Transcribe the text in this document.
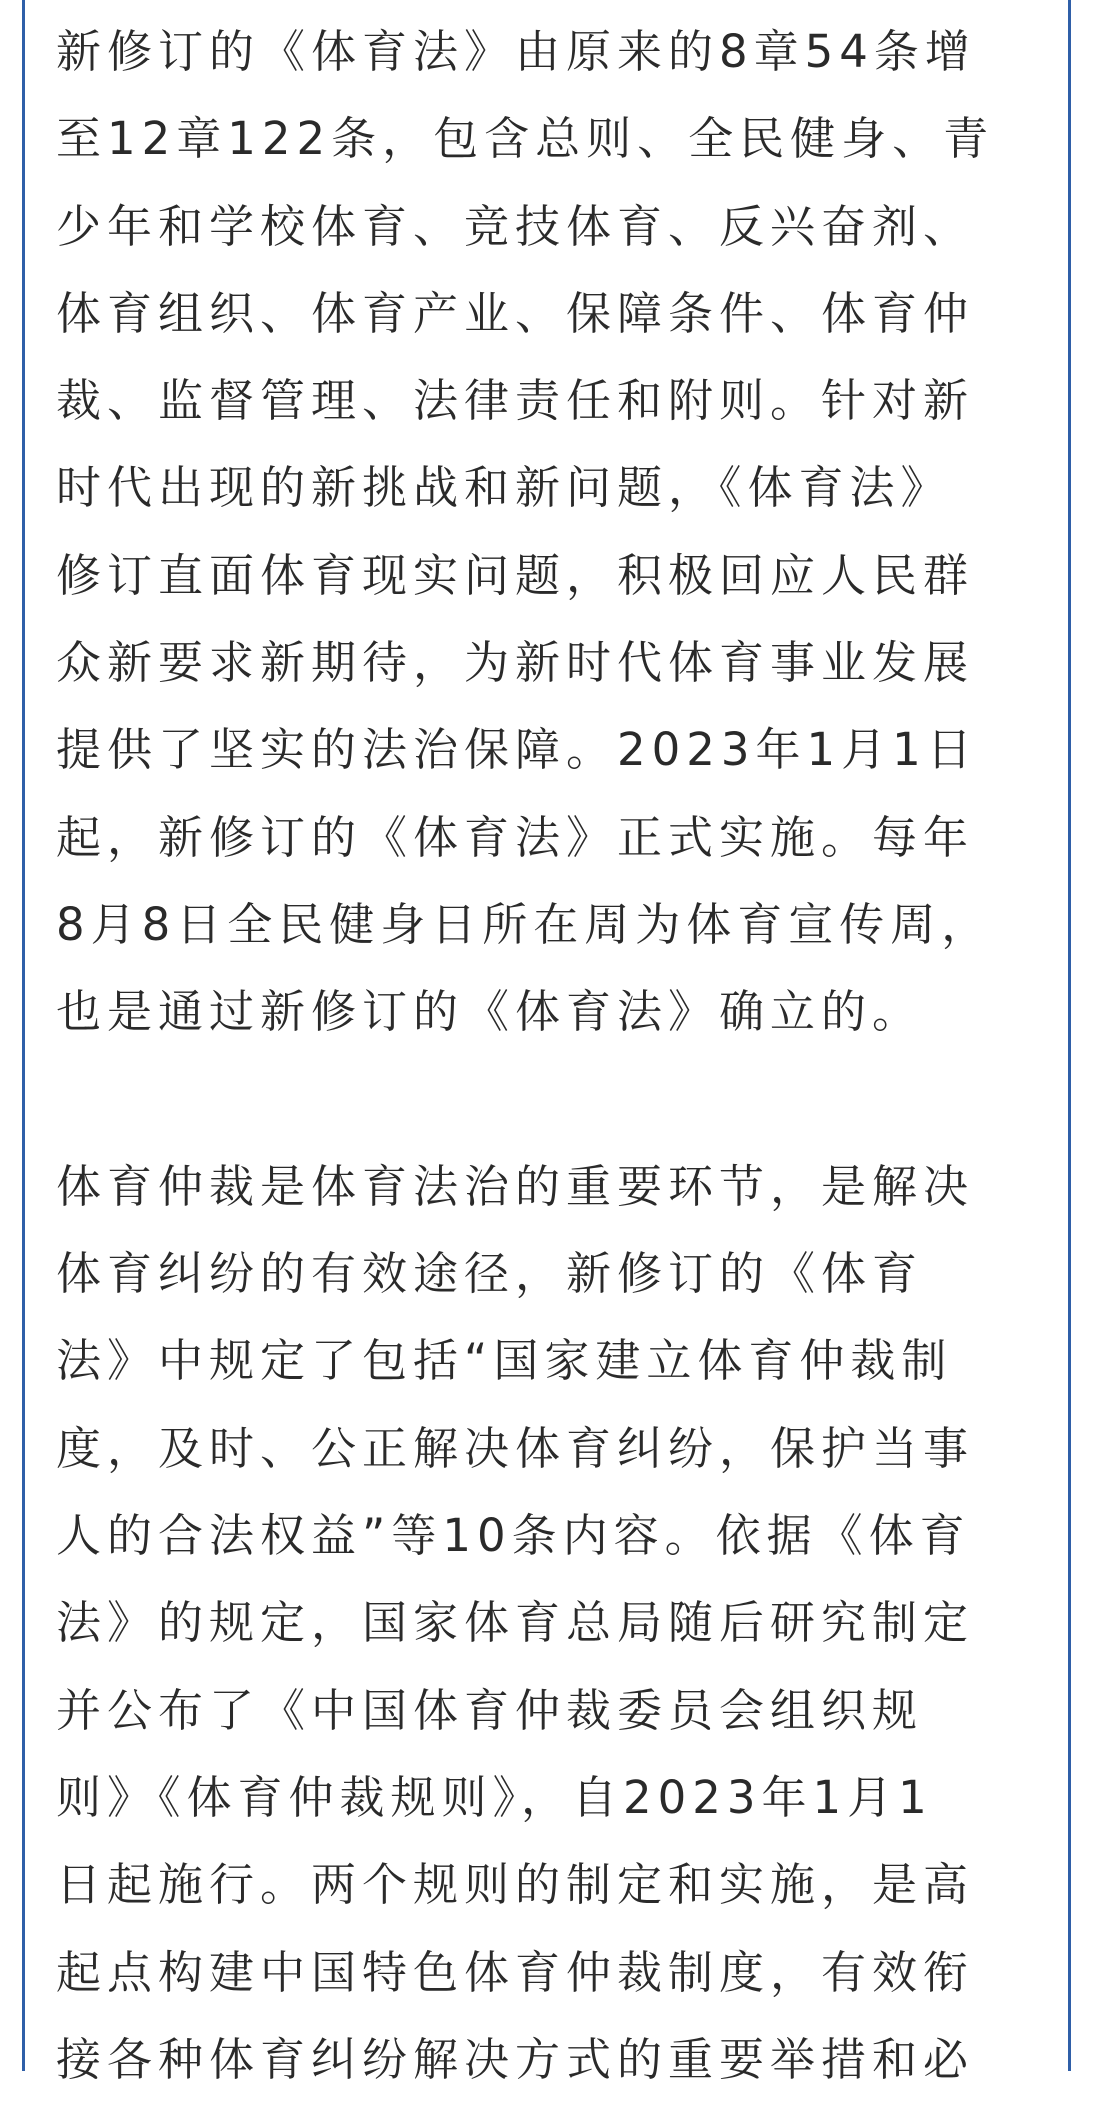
新修订的《体育法》由原来的8章54条增
至12章122条，包含总则、全民健身、青
少年和学校体育、竞技体育、反兴奋剂、
体育组织、体育产业、保障条件、体育仲
裁、监督管理、法律责任和附则。针对新
时代出现的新挑战和新问题，《体育法》
修订直面体育现实问题，积极回应人民群
众新要求新期待，为新时代体育事业发展
提供了坚实的法治保障。2023年1月1日
起，新修订的《体育法》正式实施。每年
8月8日全民健身日所在周为体育宣传周，
也是通过新修订的《体育法》确立的。
体育仲裁是体育法治的重要环节，是解决
体育纠纷的有效途径，新修订的《体育
法》中规定了包括“国家建立体育仲裁制
度，及时、公正解决体育纠纷，保护当事
人的合法权益”等10条内容。依据《体育
法》的规定，国家体育总局随后研究制定
并公布了《中国体育仲裁委员会组织规
则》《体育仲裁规则》，自2023年1月1
日起施行。两个规则的制定和实施，是高
起点构建中国特色体育仲裁制度，有效衔
接各种体育纠纷解决方式的重要举措和必
